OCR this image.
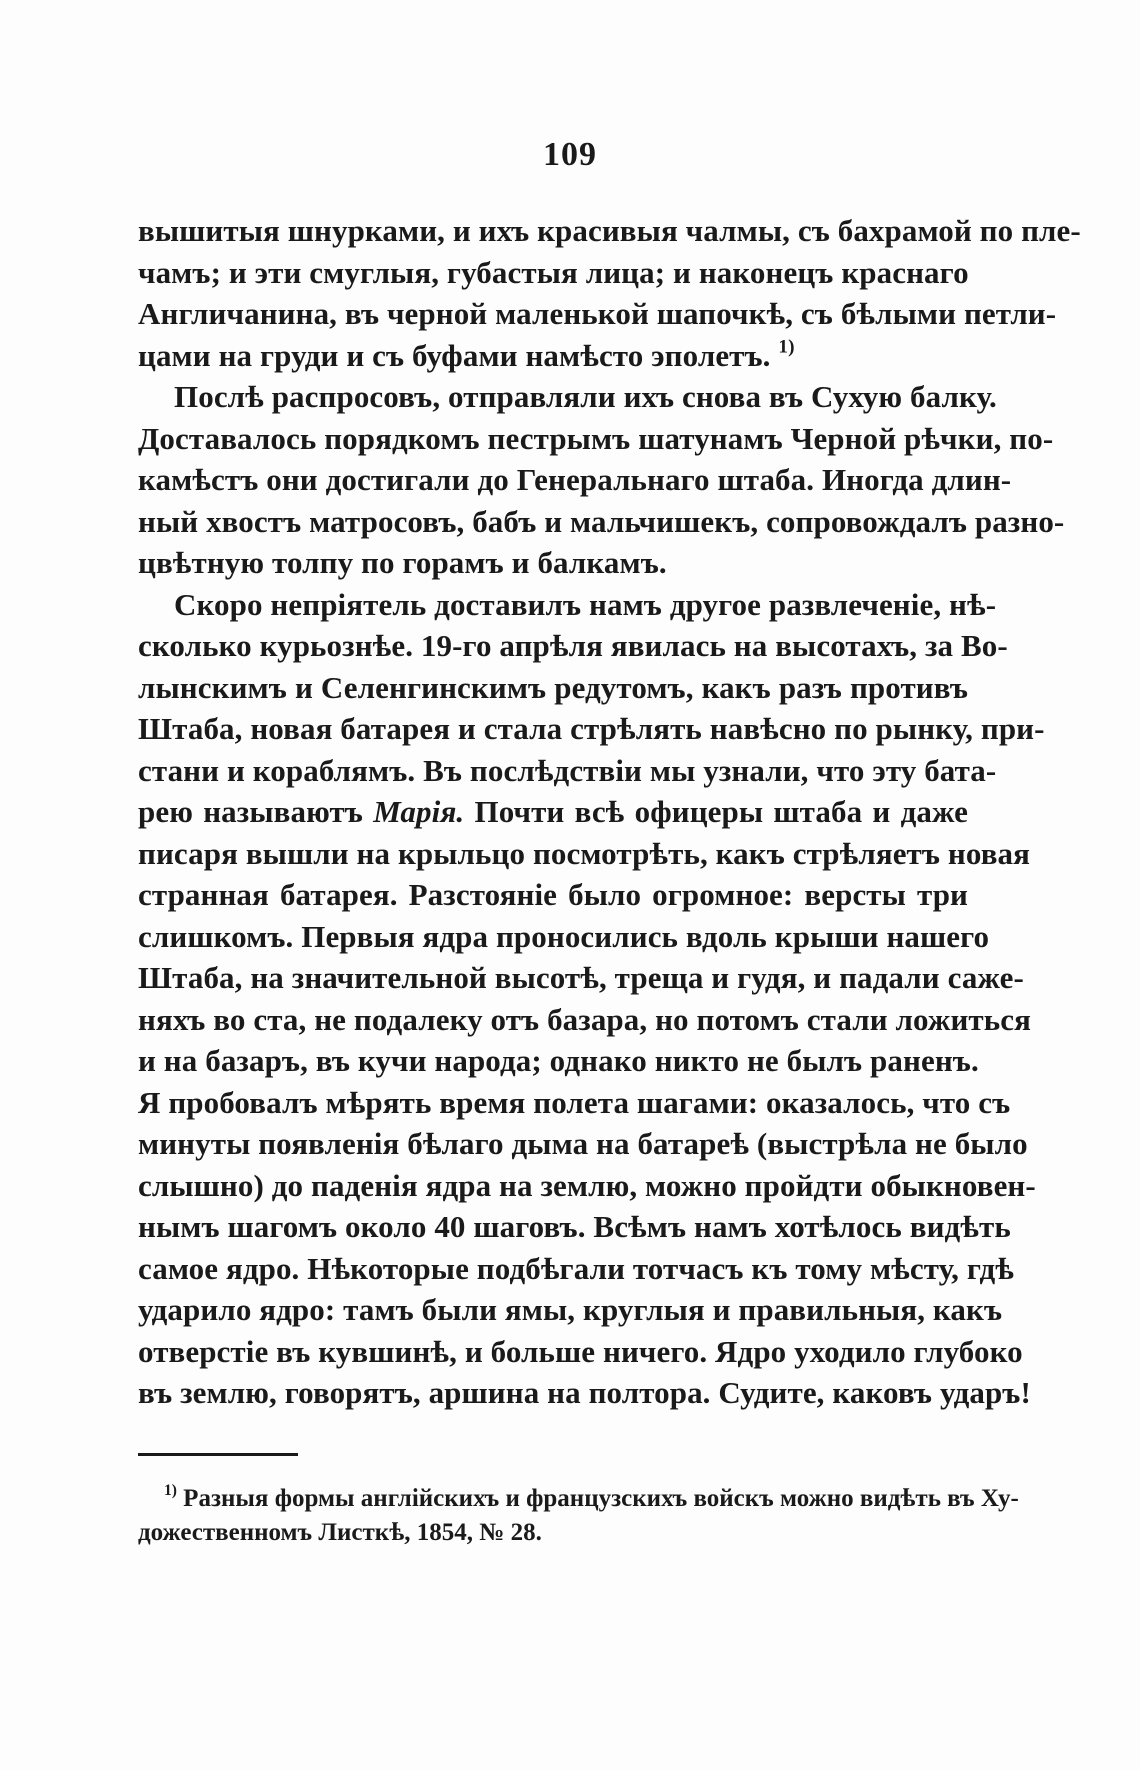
109
вышитыя шнурками, и ихъ красивыя чалмы, съ бахрамой по пле-
чамъ; и эти смуглыя, губастыя лица; и наконецъ краснаго
Англичанина, въ черной маленькой шапочкѣ, съ бѣлыми петли-
цами на груди и съ буфами намѣсто эполетъ. $^{1)}$
Послѣ распросовъ, отправляли ихъ снова въ Сухую балку.
Доставалось порядкомъ пестрымъ шатунамъ Черной рѣчки, по-
камѣстъ они достигали до Генеральнаго штаба. Иногда длин-
ный хвостъ матросовъ, бабъ и мальчишекъ, сопровождалъ разно-
цвѣтную толпу по горамъ и балкамъ.
Скоро непріятель доставилъ намъ другое развлеченіе, нѣ-
сколько курьознѣе. 19-го апрѣля явилась на высотахъ, за Во-
лынскимъ и Селенгинскимъ редутомъ, какъ разъ противъ
Штаба, новая батарея и стала стрѣлять навѣсно по рынку, при-
стани и кораблямъ. Въ послѣдствіи мы узнали, что эту бата-
рею называютъ Марія. Почти всѣ офицеры штаба и даже
писаря вышли на крыльцо посмотрѣть, какъ стрѣляетъ новая
странная батарея. Разстояніе было огромное: версты три
слишкомъ. Первыя ядра проносились вдоль крыши нашего
Штаба, на значительной высотѣ, треща и гудя, и падали саже-
няхъ во ста, не подалеку отъ базара, но потомъ стали ложиться
и на базаръ, въ кучи народа; однако никто не былъ раненъ.
Я пробовалъ мѣрять время полета шагами: оказалось, что съ
минуты появленія бѣлаго дыма на батареѣ (выстрѣла не было
слышно) до паденія ядра на землю, можно пройдти обыкновен-
нымъ шагомъ около 40 шаговъ. Всѣмъ намъ хотѣлось видѣть
самое ядро. Нѣкоторые подбѣгали тотчасъ къ тому мѣсту, гдѣ
ударило ядро: тамъ были ямы, круглыя и правильныя, какъ
отверстіе въ кувшинѣ, и больше ничего. Ядро уходило глубоко
въ землю, говорятъ, аршина на полтора. Судите, каковъ ударъ!
$^{1)}$ Разныя формы англійскихъ и французскихъ войскъ можно видѣть въ Ху-
дожественномъ Листкѣ, 1854, № 28.
